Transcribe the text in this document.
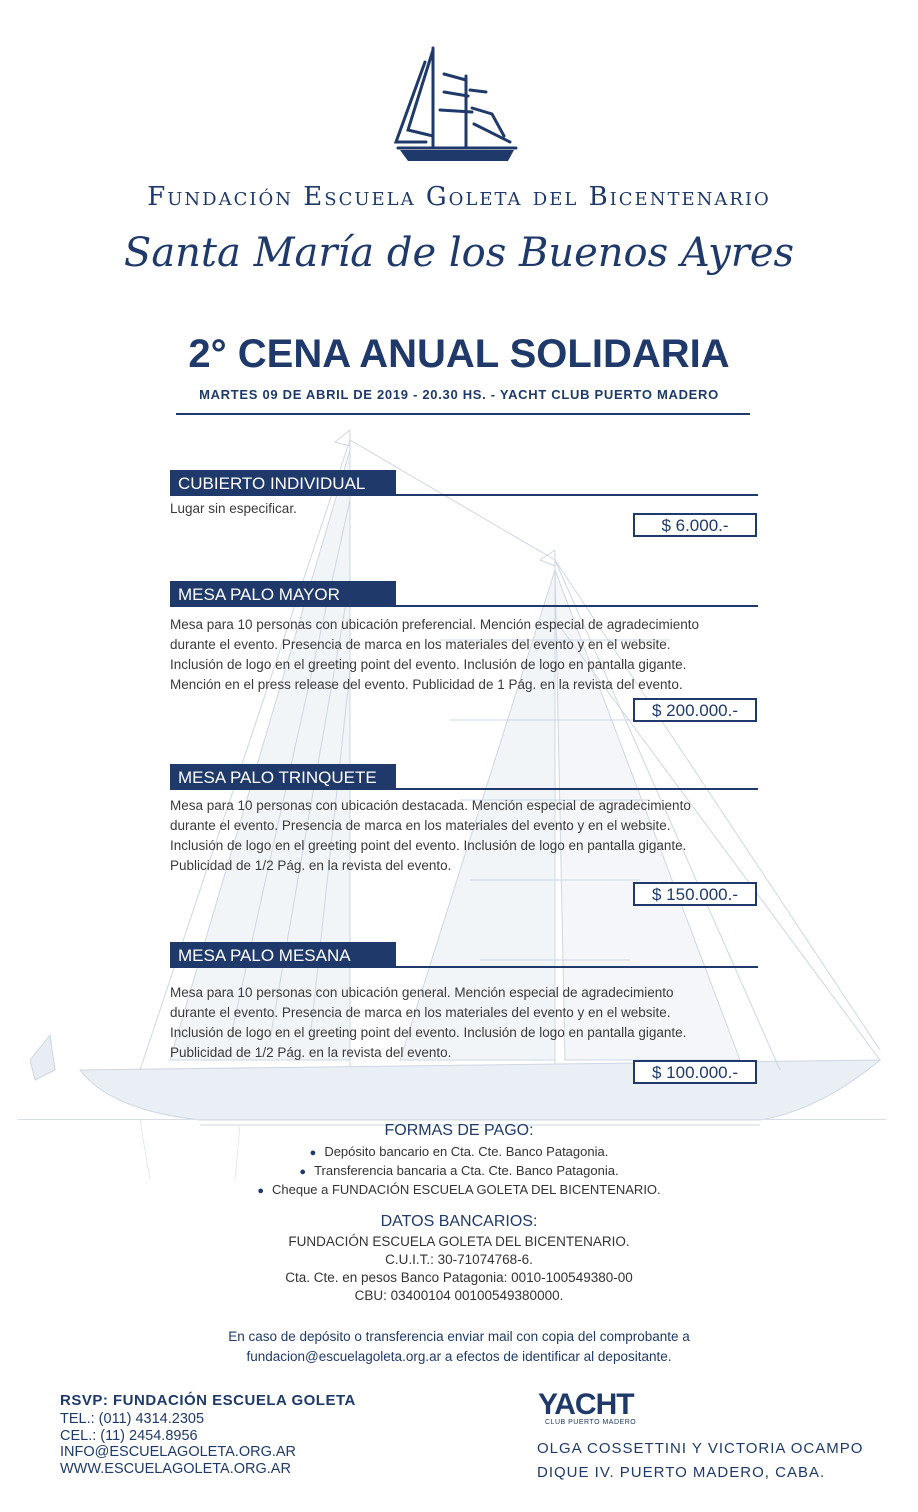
Fundación Escuela Goleta del Bicentenario
Santa María de los Buenos Ayres
2° CENA ANUAL SOLIDARIA
MARTES 09 DE ABRIL DE 2019 - 20.30 HS. - YACHT CLUB PUERTO MADERO
CUBIERTO INDIVIDUAL
Lugar sin especificar.
$ 6.000.-
MESA PALO MAYOR
Mesa para 10 personas con ubicación preferencial. Mención especial de agradecimiento
durante el evento. Presencia de marca en los materiales del evento y en el website.
Inclusión de logo en el greeting point del evento. Inclusión de logo en pantalla gigante.
Mención en el press release del evento. Publicidad de 1 Pág. en la revista del evento.
$ 200.000.-
MESA PALO TRINQUETE
Mesa para 10 personas con ubicación destacada. Mención especial de agradecimiento
durante el evento. Presencia de marca en los materiales del evento y en el website.
Inclusión de logo en el greeting point del evento. Inclusión de logo en pantalla gigante.
Publicidad de 1/2 Pág. en la revista del evento.
$ 150.000.-
MESA PALO MESANA
Mesa para 10 personas con ubicación general. Mención especial de agradecimiento
durante el evento. Presencia de marca en los materiales del evento y en el website.
Inclusión de logo en el greeting point del evento. Inclusión de logo en pantalla gigante.
Publicidad de 1/2 Pág. en la revista del evento.
$ 100.000.-
FORMAS DE PAGO:
● Depósito bancario en Cta. Cte. Banco Patagonia.
● Transferencia bancaria a Cta. Cte. Banco Patagonia.
● Cheque a FUNDACIÓN ESCUELA GOLETA DEL BICENTENARIO.
DATOS BANCARIOS:
FUNDACIÓN ESCUELA GOLETA DEL BICENTENARIO.
C.U.I.T.: 30-71074768-6.
Cta. Cte. en pesos Banco Patagonia: 0010-100549380-00
CBU: 03400104 00100549380000.
En caso de depósito o transferencia enviar mail con copia del comprobante a
fundacion@escuelagoleta.org.ar a efectos de identificar al depositante.
RSVP: FUNDACIÓN ESCUELA GOLETA
TEL.: (011) 4314.2305
CEL.: (11) 2454.8956
INFO@ESCUELAGOLETA.ORG.AR
WWW.ESCUELAGOLETA.ORG.AR
YACHT
CLUB PUERTO MADERO
OLGA COSSETTINI Y VICTORIA OCAMPO
DIQUE IV. PUERTO MADERO, CABA.
